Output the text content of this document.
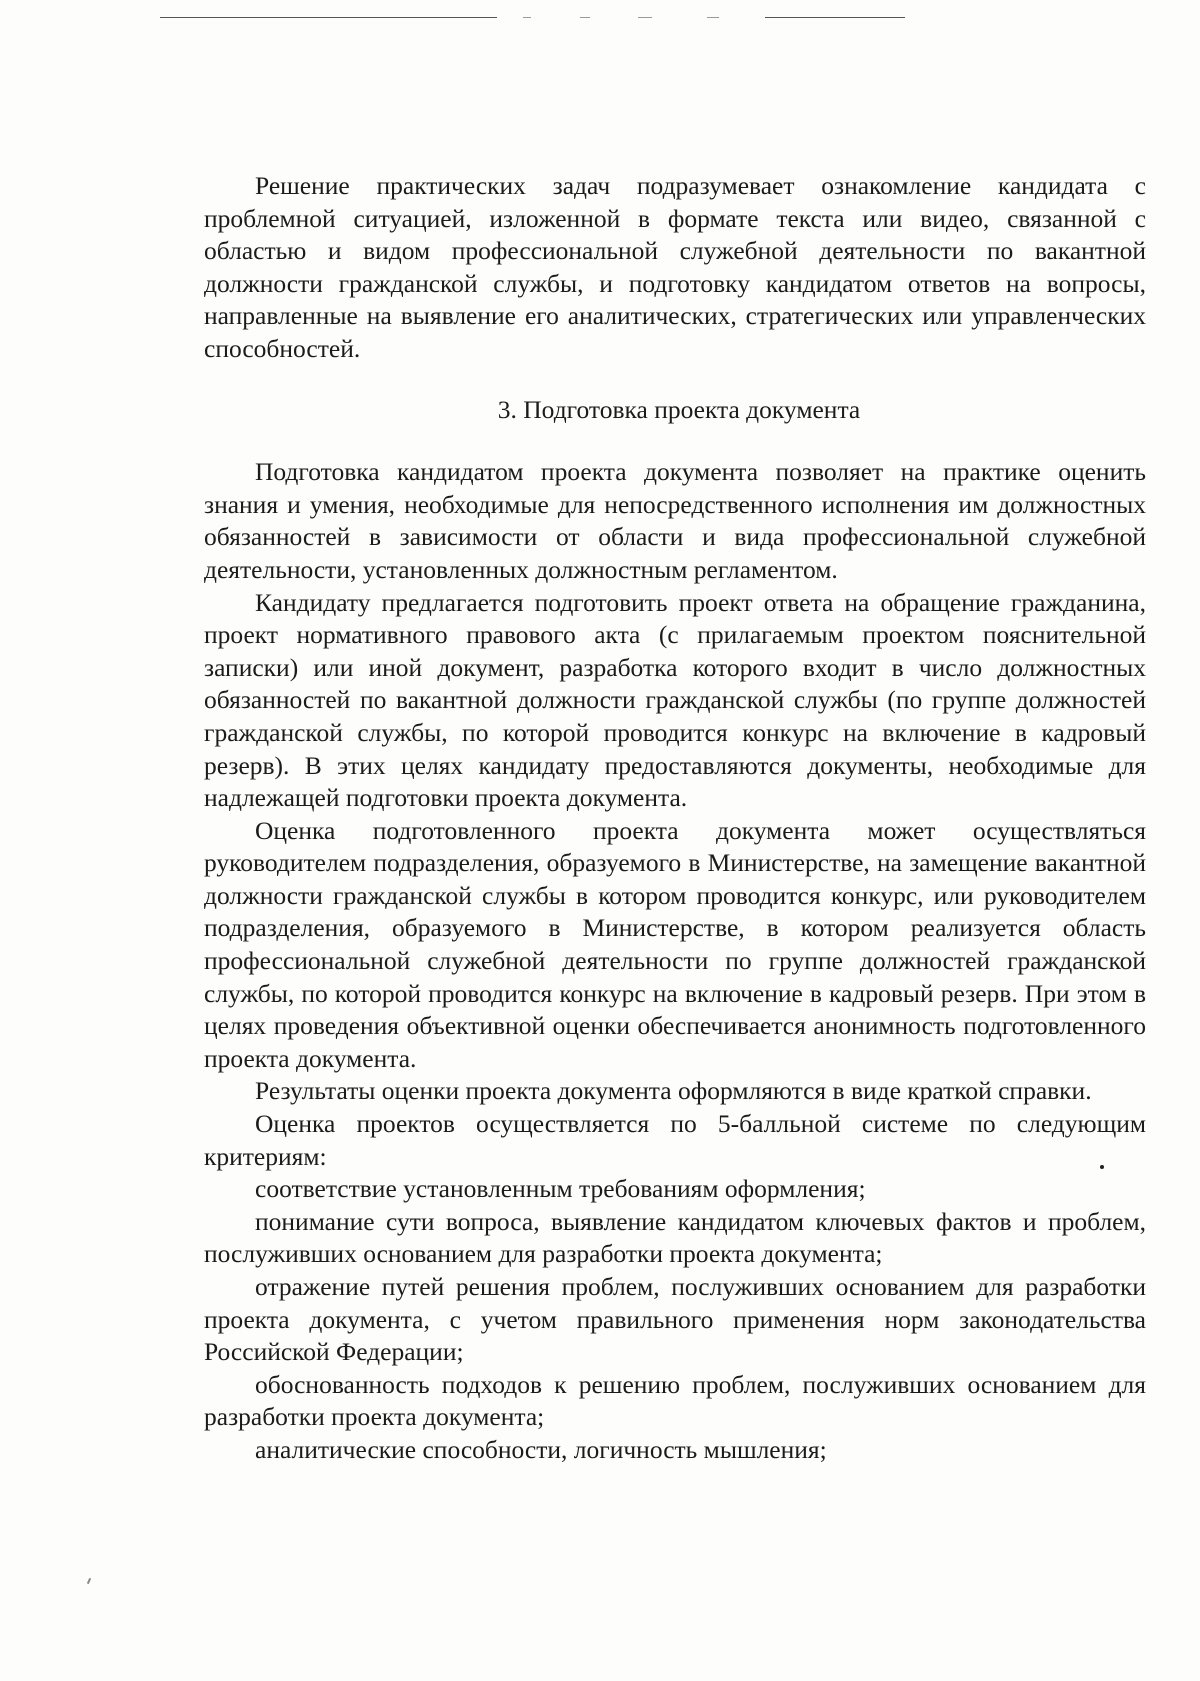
Решение практических задач подразумевает ознакомление кандидата с проблемной ситуацией, изложенной в формате текста или видео, связанной с областью и видом профессиональной служебной деятельности по вакантной должности гражданской службы, и подготовку кандидатом ответов на вопросы, направленные на выявление его аналитических, стратегических или управленческих способностей.

3. Подготовка проекта документа

Подготовка кандидатом проекта документа позволяет на практике оценить знания и умения, необходимые для непосредственного исполнения им должностных обязанностей в зависимости от области и вида профессиональной служебной деятельности, установленных должностным регламентом.

Кандидату предлагается подготовить проект ответа на обращение гражданина, проект нормативного правового акта (с прилагаемым проектом пояснительной записки) или иной документ, разработка которого входит в число должностных обязанностей по вакантной должности гражданской службы (по группе должностей гражданской службы, по которой проводится конкурс на включение в кадровый резерв). В этих целях кандидату предоставляются документы, необходимые для надлежащей подготовки проекта документа.

Оценка подготовленного проекта документа может осуществляться руководителем подразделения, образуемого в Министерстве, на замещение вакантной должности гражданской службы в котором проводится конкурс, или руководителем подразделения, образуемого в Министерстве, в котором реализуется область профессиональной служебной деятельности по группе должностей гражданской службы, по которой проводится конкурс на включение в кадровый резерв. При этом в целях проведения объективной оценки обеспечивается анонимность подготовленного проекта документа.

Результаты оценки проекта документа оформляются в виде краткой справки.

Оценка проектов осуществляется по 5-балльной системе по следующим критериям:

соответствие установленным требованиям оформления;

понимание сути вопроса, выявление кандидатом ключевых фактов и проблем, послуживших основанием для разработки проекта документа;

отражение путей решения проблем, послуживших основанием для разработки проекта документа, с учетом правильного применения норм законодательства Российской Федерации;

обоснованность подходов к решению проблем, послуживших основанием для разработки проекта документа;

аналитические способности, логичность мышления;
